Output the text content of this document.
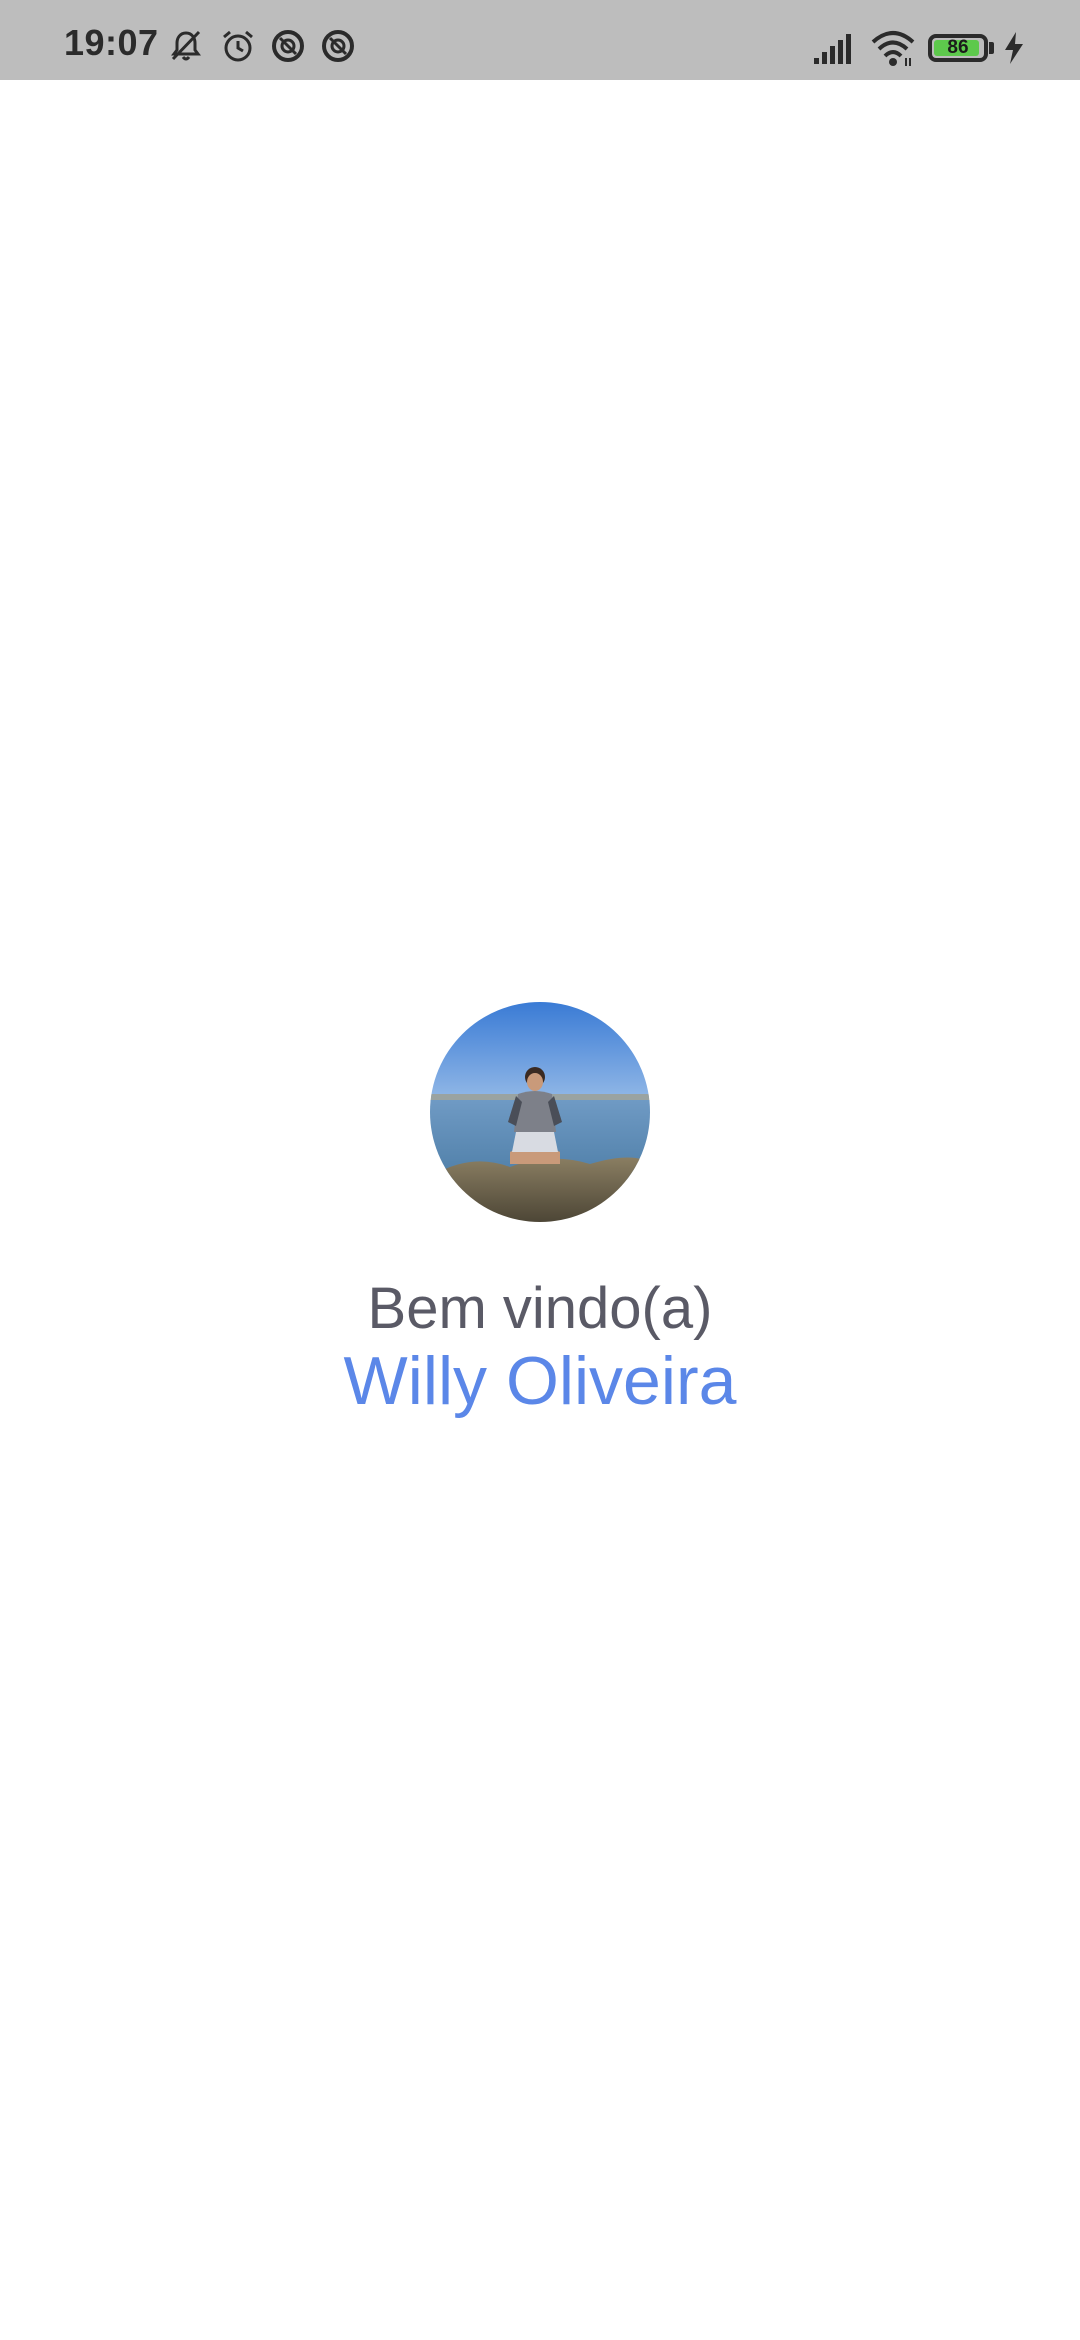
19:07	86
Bem vindo(a)
Willy Oliveira
